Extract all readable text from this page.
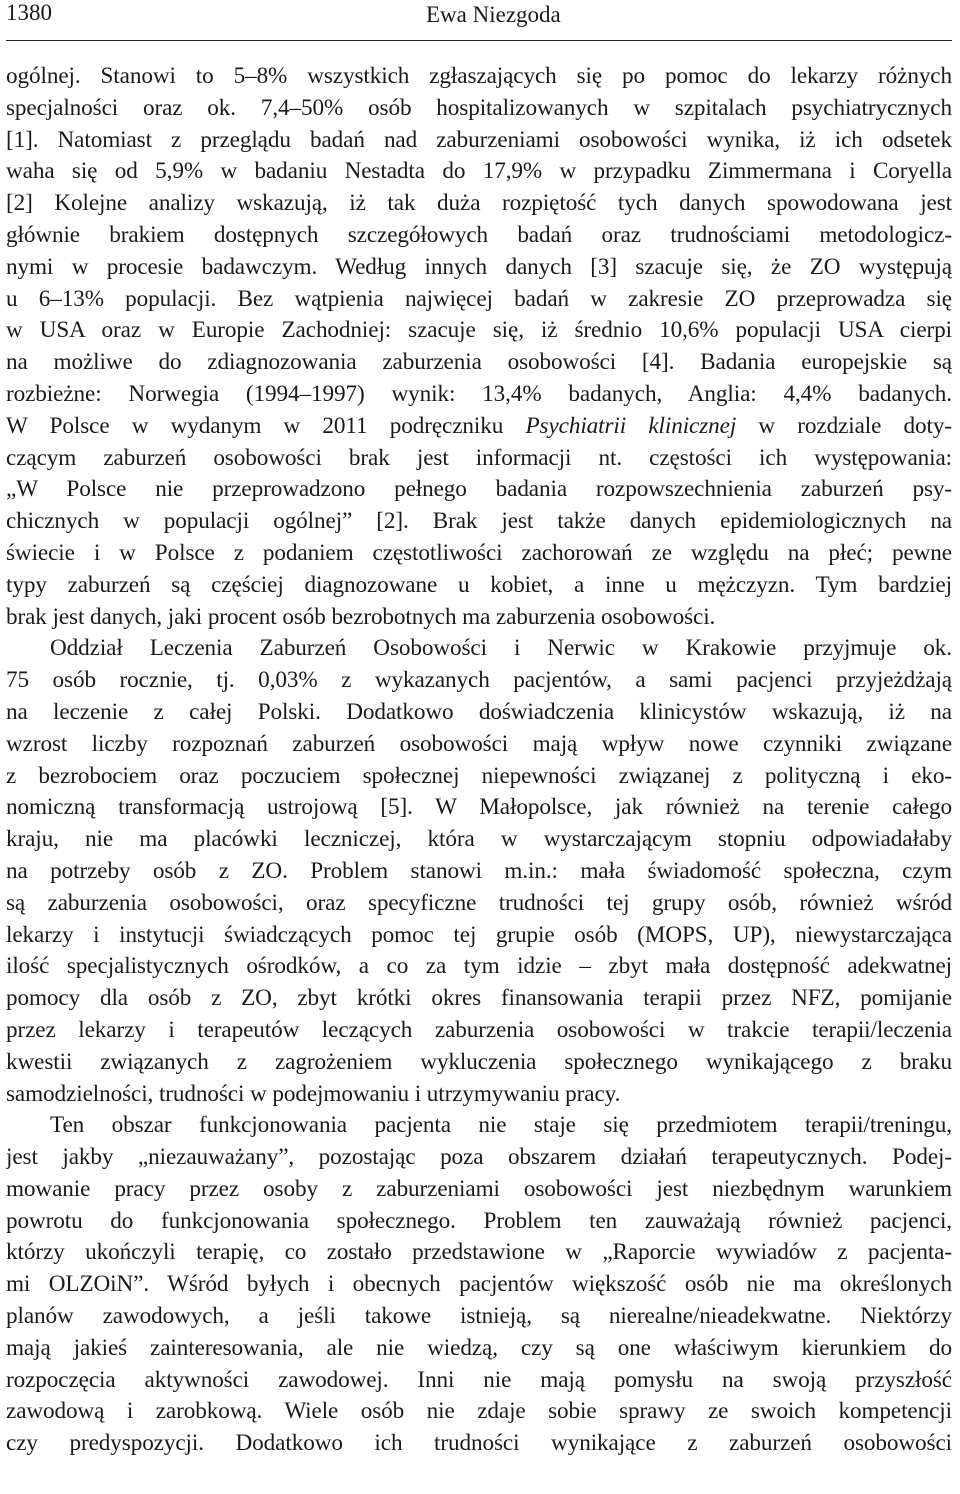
1380	Ewa Niezgoda
ogólnej. Stanowi to 5–8% wszystkich zgłaszających się po pomoc do lekarzy różnych
specjalności oraz ok. 7,4–50% osób hospitalizowanych w szpitalach psychiatrycznych
[1]. Natomiast z przeglądu badań nad zaburzeniami osobowości wynika, iż ich odsetek
waha się od 5,9% w badaniu Nestadta do 17,9% w przypadku Zimmermana i Coryella
[2] Kolejne analizy wskazują, iż tak duża rozpiętość tych danych spowodowana jest
głównie brakiem dostępnych szczegółowych badań oraz trudnościami metodologicz-
nymi w procesie badawczym. Według innych danych [3] szacuje się, że ZO występują
u 6–13% populacji. Bez wątpienia najwięcej badań w zakresie ZO przeprowadza się
w USA oraz w Europie Zachodniej: szacuje się, iż średnio 10,6% populacji USA cierpi
na możliwe do zdiagnozowania zaburzenia osobowości [4]. Badania europejskie są
rozbieżne: Norwegia (1994–1997) wynik: 13,4% badanych, Anglia: 4,4% badanych.
W Polsce w wydanym w 2011 podręczniku Psychiatrii klinicznej w rozdziale doty-
czącym zaburzeń osobowości brak jest informacji nt. częstości ich występowania:
„W Polsce nie przeprowadzono pełnego badania rozpowszechnienia zaburzeń psy-
chicznych w populacji ogólnej” [2]. Brak jest także danych epidemiologicznych na
świecie i w Polsce z podaniem częstotliwości zachorowań ze względu na płeć; pewne
typy zaburzeń są częściej diagnozowane u kobiet, a inne u mężczyzn. Tym bardziej
brak jest danych, jaki procent osób bezrobotnych ma zaburzenia osobowości.
Oddział Leczenia Zaburzeń Osobowości i Nerwic w Krakowie przyjmuje ok.
75 osób rocznie, tj. 0,03% z wykazanych pacjentów, a sami pacjenci przyjeżdżają
na leczenie z całej Polski. Dodatkowo doświadczenia klinicystów wskazują, iż na
wzrost liczby rozpoznań zaburzeń osobowości mają wpływ nowe czynniki związane
z bezrobociem oraz poczuciem społecznej niepewności związanej z polityczną i eko-
nomiczną transformacją ustrojową [5]. W Małopolsce, jak również na terenie całego
kraju, nie ma placówki leczniczej, która w wystarczającym stopniu odpowiadałaby
na potrzeby osób z ZO. Problem stanowi m.in.: mała świadomość społeczna, czym
są zaburzenia osobowości, oraz specyficzne trudności tej grupy osób, również wśród
lekarzy i instytucji świadczących pomoc tej grupie osób (MOPS, UP), niewystarczająca
ilość specjalistycznych ośrodków, a co za tym idzie – zbyt mała dostępność adekwatnej
pomocy dla osób z ZO, zbyt krótki okres finansowania terapii przez NFZ, pomijanie
przez lekarzy i terapeutów leczących zaburzenia osobowości w trakcie terapii/leczenia
kwestii związanych z zagrożeniem wykluczenia społecznego wynikającego z braku
samodzielności, trudności w podejmowaniu i utrzymywaniu pracy.
Ten obszar funkcjonowania pacjenta nie staje się przedmiotem terapii/treningu,
jest jakby „niezauważany”, pozostając poza obszarem działań terapeutycznych. Podej-
mowanie pracy przez osoby z zaburzeniami osobowości jest niezbędnym warunkiem
powrotu do funkcjonowania społecznego. Problem ten zauważają również pacjenci,
którzy ukończyli terapię, co zostało przedstawione w „Raporcie wywiadów z pacjenta-
mi OLZOiN”. Wśród byłych i obecnych pacjentów większość osób nie ma określonych
planów zawodowych, a jeśli takowe istnieją, są nierealne/nieadekwatne. Niektórzy
mają jakieś zainteresowania, ale nie wiedzą, czy są one właściwym kierunkiem do
rozpoczęcia aktywności zawodowej. Inni nie mają pomysłu na swoją przyszłość
zawodową i zarobkową. Wiele osób nie zdaje sobie sprawy ze swoich kompetencji
czy predyspozycji. Dodatkowo ich trudności wynikające z zaburzeń osobowości
